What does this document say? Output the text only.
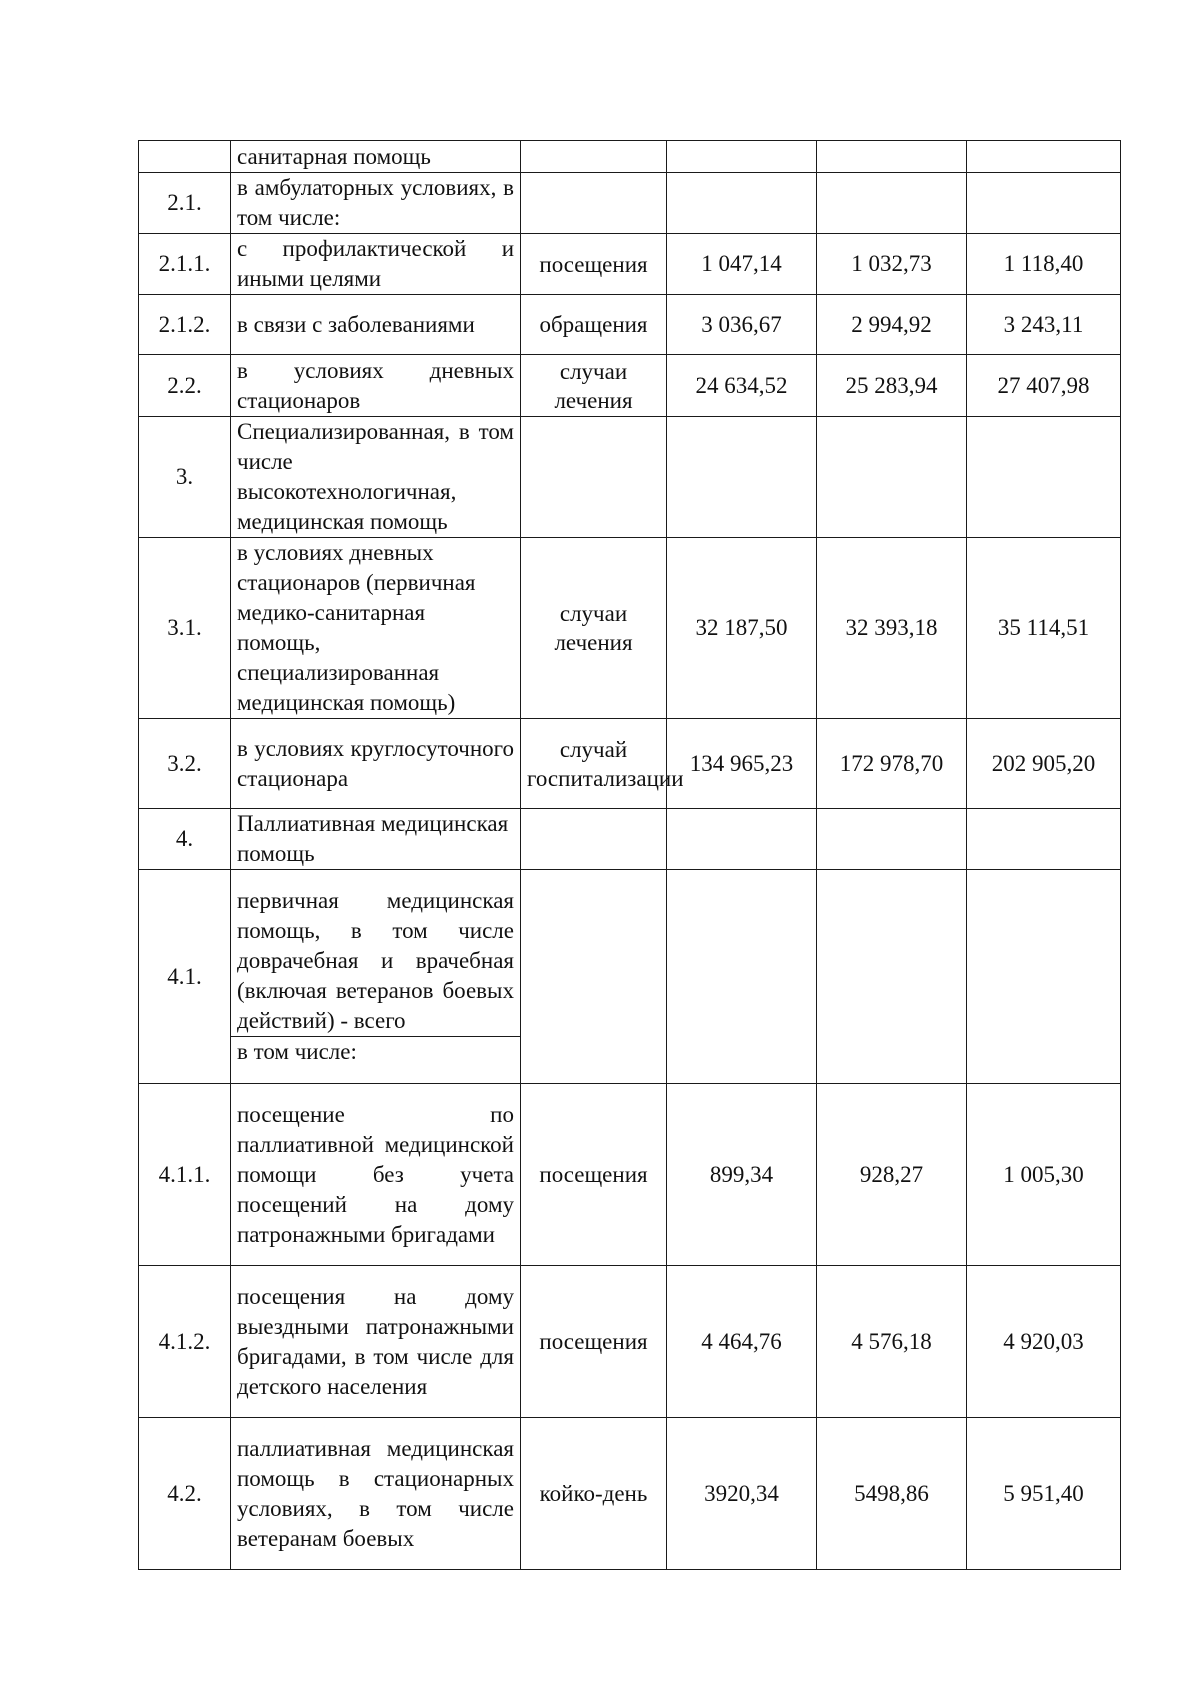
	санитарная помощь				
2.1.	в амбулаторных условиях, в том числе:				
2.1.1.	с профилактической и иными целями	посещения	1 047,14	1 032,73	1 118,40
2.1.2.	в связи с заболеваниями	обращения	3 036,67	2 994,92	3 243,11
2.2.	в условиях дневных стационаров	случаи лечения	24 634,52	25 283,94	27 407,98
3.	Специализированная, в том числе высокотехнологичная, медицинская помощь				
3.1.	в условиях дневных стационаров (первичная медико-санитарная помощь, специализированная медицинская помощь)	случаи лечения	32 187,50	32 393,18	35 114,51
3.2.	в условиях круглосуточного стационара	случай госпитализации	134 965,23	172 978,70	202 905,20
4.	Паллиативная медицинская помощь				
4.1.	первичная медицинская помощь, в том числе доврачебная и врачебная (включая ветеранов боевых действий) - всего
в том числе:				

4.1.1.	посещение по паллиативной медицинской помощи без учета посещений на дому патронажными бригадами	посещения	899,34	928,27	1 005,30
4.1.2.	посещения на дому выездными патронажными бригадами, в том числе для детского населения	посещения	4 464,76	4 576,18	4 920,03
4.2.	паллиативная медицинская помощь в стационарных условиях, в том числе ветеранам боевых	койко-день	3920,34	5498,86	5 951,40
